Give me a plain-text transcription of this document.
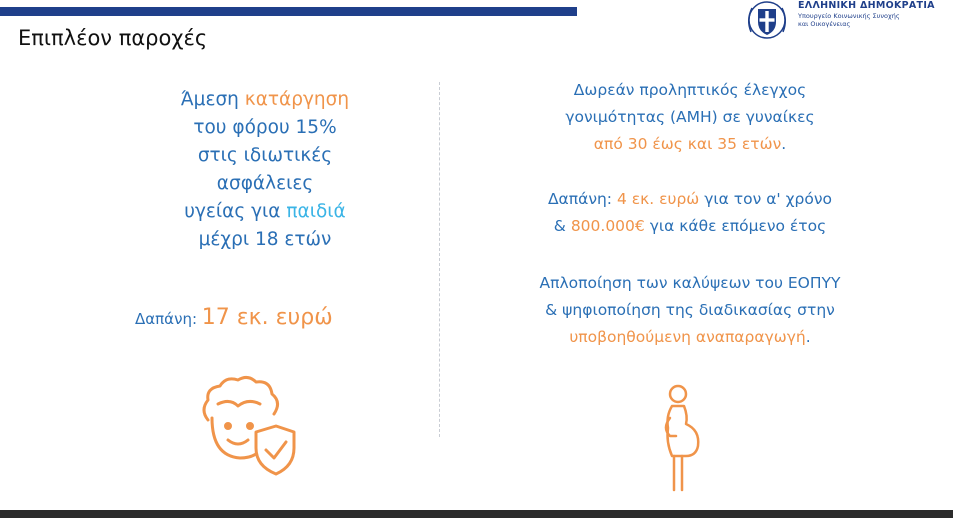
Επιπλέον παροχές
ΕΛΛΗΝΙΚΗ ΔΗΜΟΚΡΑΤΙΑ
Υπουργείο Κοινωνικής Συνοχής
και Οικογένειας
Άμεση κατάργηση
του φόρου 15%
στις ιδιωτικές ασφάλειες
υγείας για παιδιά
μέχρι 18 ετών
Δαπάνη: 17 εκ. ευρώ
Δωρεάν προληπτικός έλεγχος
γονιμότητας (ΑΜΗ) σε γυναίκες
από 30 έως και 35 ετών.
Δαπάνη: 4 εκ. ευρώ για τον α' χρόνο
& 800.000€ για κάθε επόμενο έτος
Απλοποίηση των καλύψεων του ΕΟΠΥΥ
& ψηφιοποίηση της διαδικασίας στην
υποβοηθούμενη αναπαραγωγή.
